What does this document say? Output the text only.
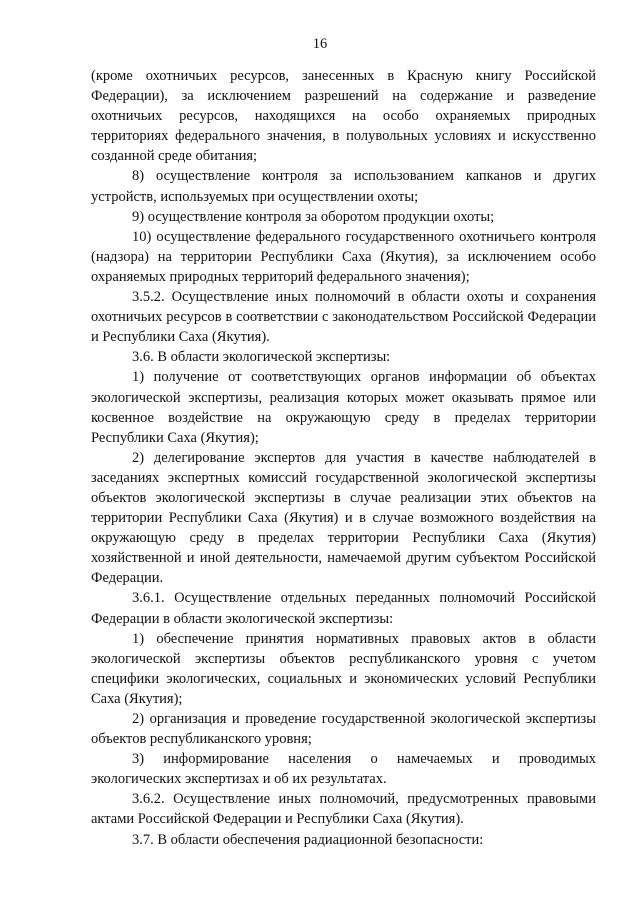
16

(кроме охотничьих ресурсов, занесенных в Красную книгу Российской Федерации), за исключением разрешений на содержание и разведение охотничьих ресурсов, находящихся на особо охраняемых природных территориях федерального значения, в полувольных условиях и искусственно созданной среде обитания;

8) осуществление контроля за использованием капканов и других устройств, используемых при осуществлении охоты;

9) осуществление контроля за оборотом продукции охоты;

10) осуществление федерального государственного охотничьего контроля (надзора) на территории Республики Саха (Якутия), за исключением особо охраняемых природных территорий федерального значения);

3.5.2. Осуществление иных полномочий в области охоты и сохранения охотничьих ресурсов в соответствии с законодательством Российской Федерации и Республики Саха (Якутия).

3.6. В области экологической экспертизы:

1) получение от соответствующих органов информации об объектах экологической экспертизы, реализация которых может оказывать прямое или косвенное воздействие на окружающую среду в пределах территории Республики Саха (Якутия);

2) делегирование экспертов для участия в качестве наблюдателей в заседаниях экспертных комиссий государственной экологической экспертизы объектов экологической экспертизы в случае реализации этих объектов на территории Республики Саха (Якутия) и в случае возможного воздействия на окружающую среду в пределах территории Республики Саха (Якутия) хозяйственной и иной деятельности, намечаемой другим субъектом Российской Федерации.

3.6.1. Осуществление отдельных переданных полномочий Российской Федерации в области экологической экспертизы:

1) обеспечение принятия нормативных правовых актов в области экологической экспертизы объектов республиканского уровня с учетом специфики экологических, социальных и экономических условий Республики Саха (Якутия);

2) организация и проведение государственной экологической экспертизы объектов республиканского уровня;

3) информирование населения о намечаемых и проводимых экологических экспертизах и об их результатах.

3.6.2. Осуществление иных полномочий, предусмотренных правовыми актами Российской Федерации и Республики Саха (Якутия).

3.7. В области обеспечения радиационной безопасности:
